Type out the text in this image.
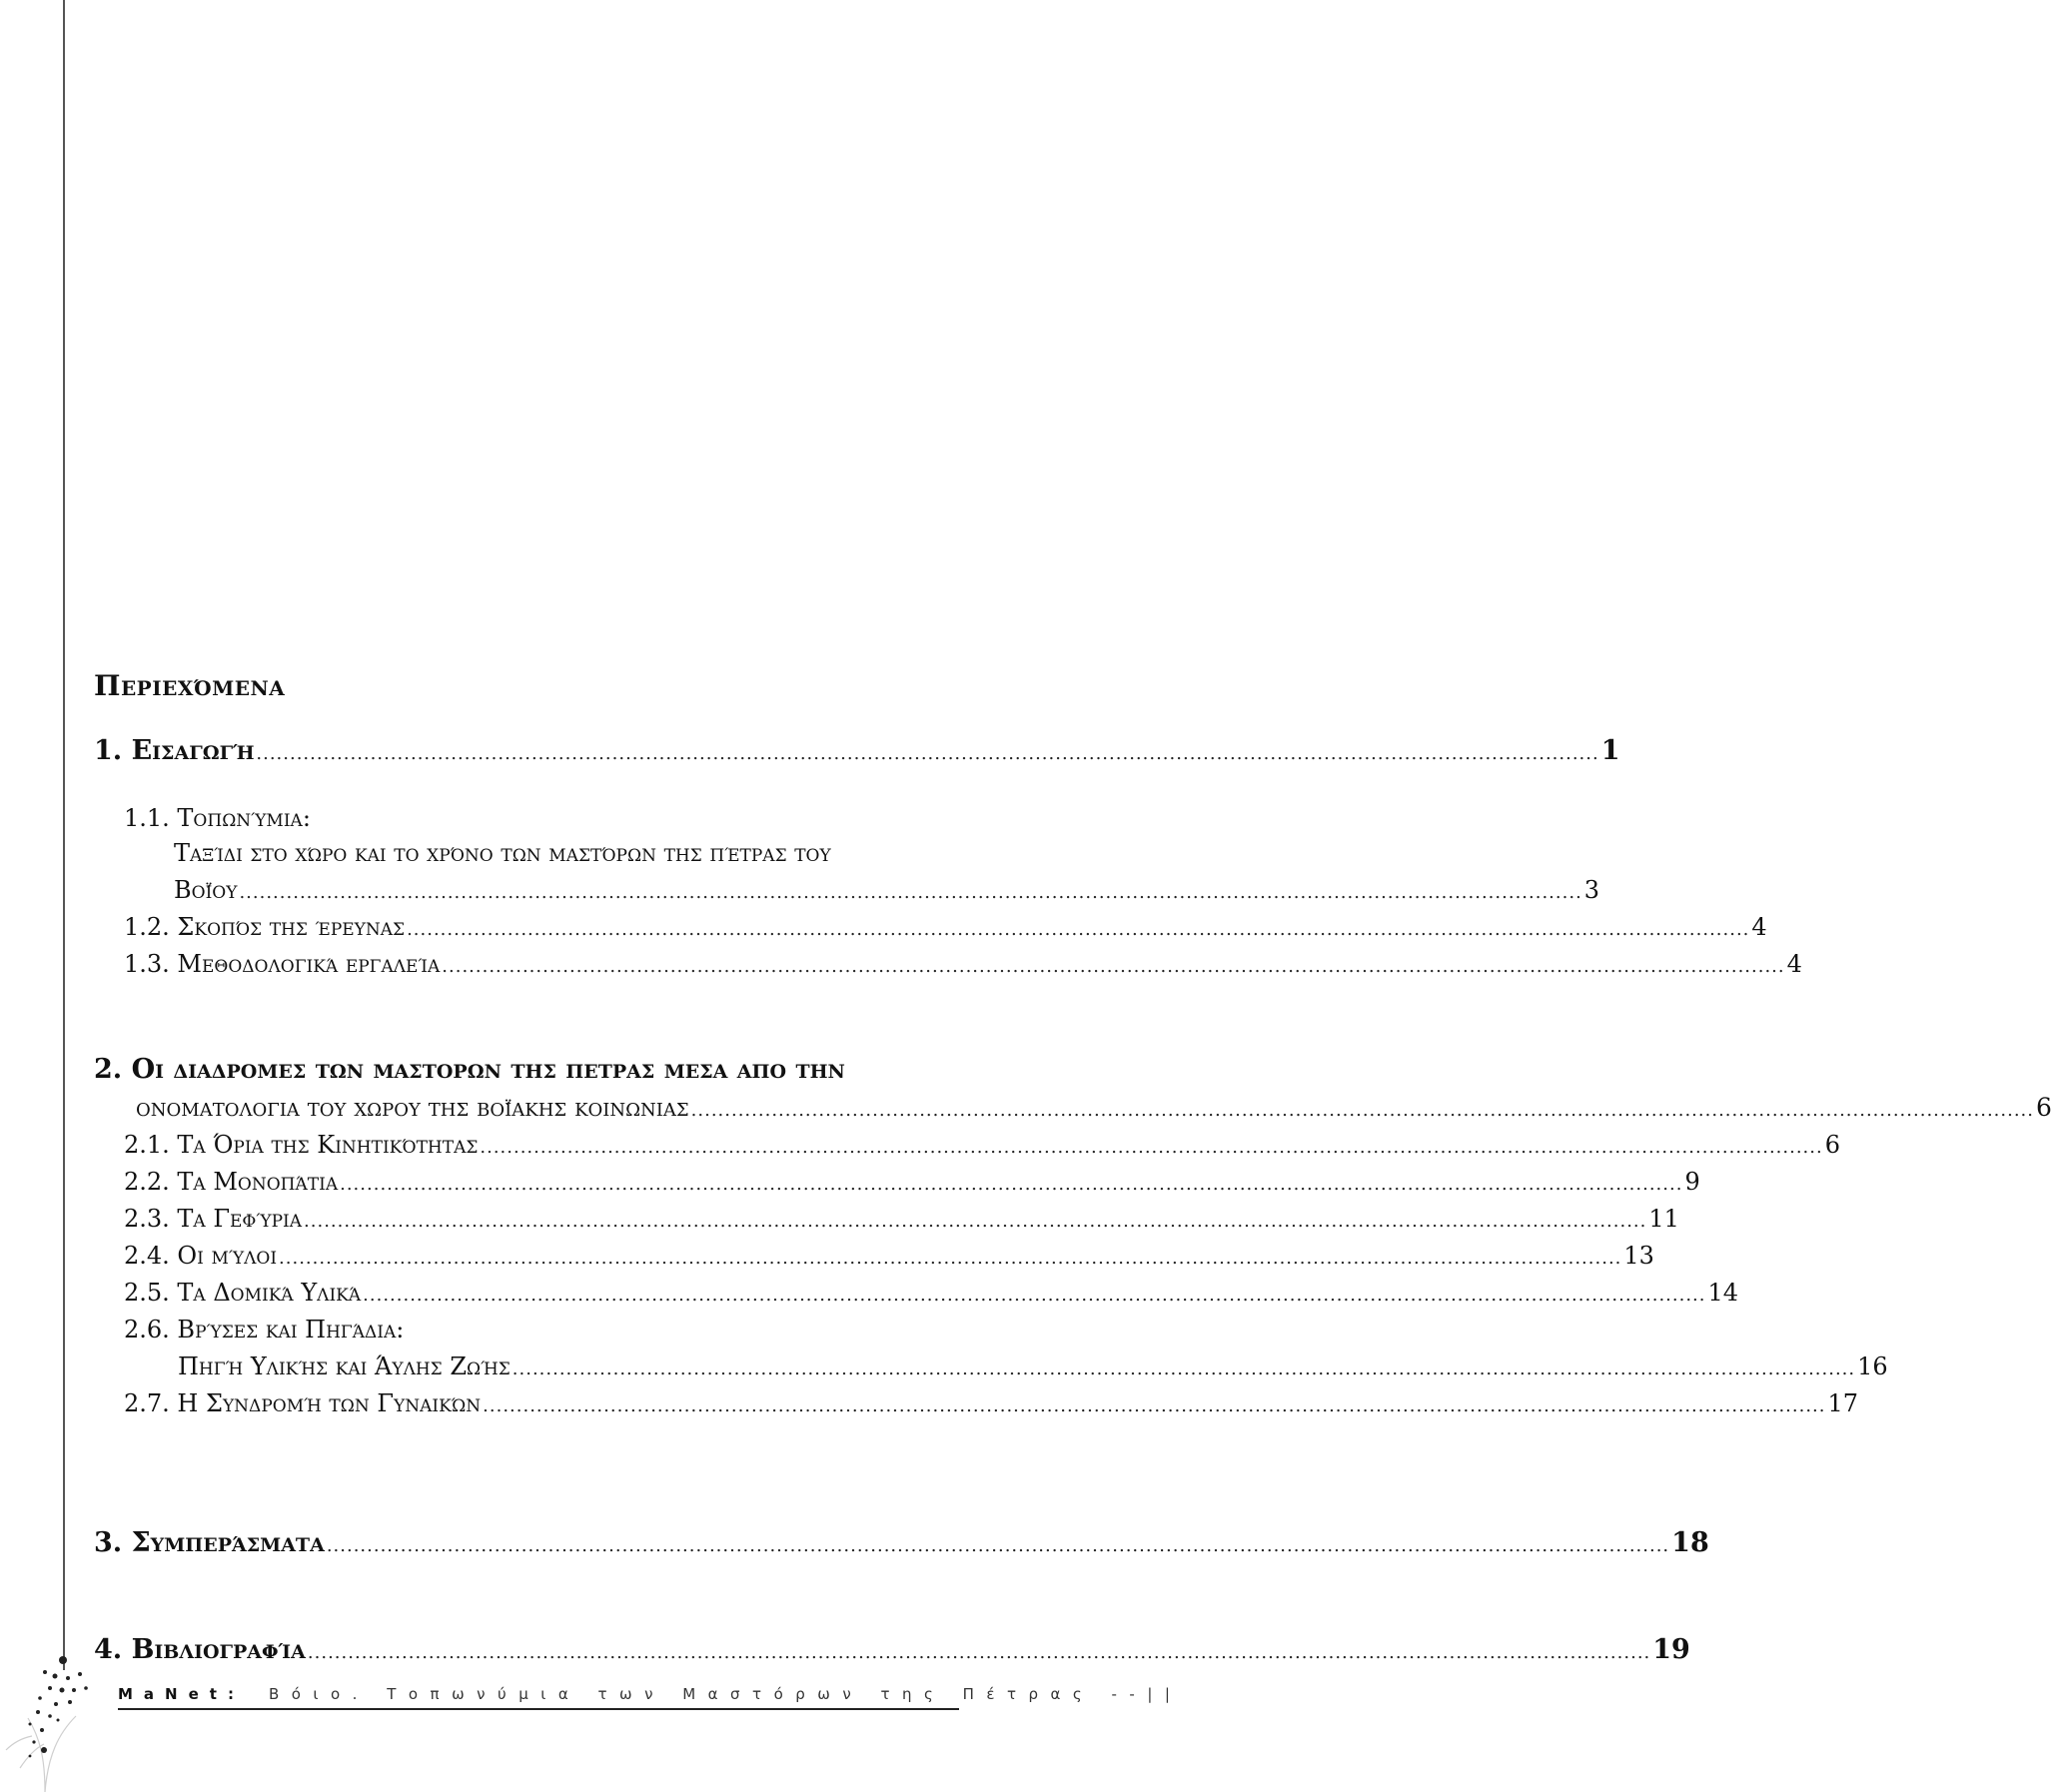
Περιεχόμενα
1. Εισαγωγή .....	1
1.1. Τοπωνύμια:
Ταξίδι στο χώρο και το χρόνο των μαστόρων της πέτρας του
Βοΐου .....	3
1.2. Σκοπός της έρευνας .....	4
1.3. Μεθοδολογικά εργαλεία .....	4
2. Οι διαδρομες των μαστορων της πετρας μεσα απο την
ονοματολογια του χωρου της βοΐακης κοινωνιας .....	6
2.1. Τα Όρια της Κινητικότητας .....	6
2.2. Τα Μονοπάτια .....	9
2.3. Τα Γεφύρια .....	11
2.4. Οι μύλοι .....	13
2.5. Τα Δομικά Υλικά .....	14
2.6. Βρύσες και Πηγάδια:
Πηγή Υλικής και Άυλης Ζωής .....	16
2.7. Η Συνδρομή των Γυναικών .....	17
3. Συμπεράσματα .....	18
4. Βιβλιογραφία .....	19
MaNet: Βόιο. Τοπωνύμια των Μαστόρων της Πέτρας --||
